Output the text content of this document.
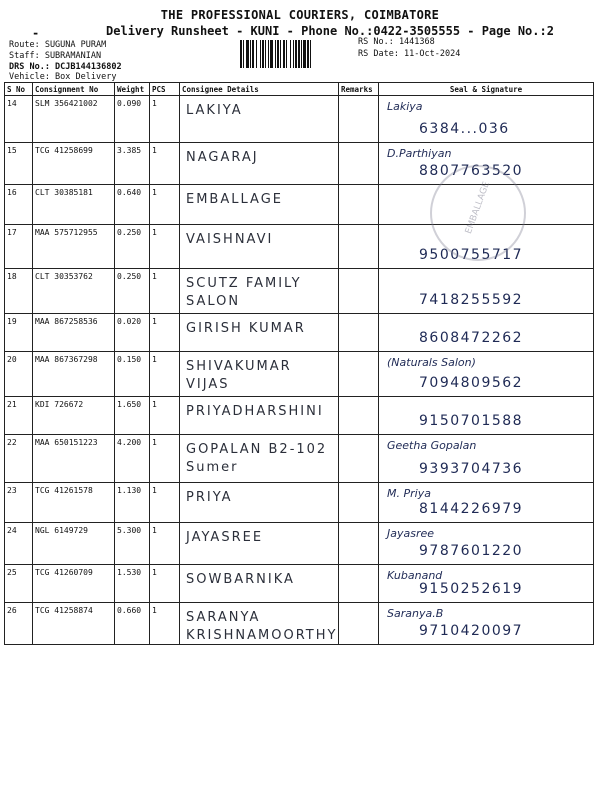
THE PROFESSIONAL COURIERS, COIMBATORE
-	Delivery Runsheet - KUNI - Phone No.:0422-3505555 - Page No.:2
Route: SUGUNA PURAM
Staff: SUBRAMANIAN
DRS No.: DCJB144136802
Vehicle: Box Delivery
RS No.: 1441368
RS Date: 11-Oct-2024
S No	Consignment No	Weight	PCS	Consignee Details	Remarks	Seal & Signature
14	SLM 356421002	0.090	1	LAKIYA		Lakiya
6384...036

15	TCG 41258699	3.385	1	NAGARAJ		D.Parthiyan
8807763520

16	CLT 30385181	0.640	1	EMBALLAGE		

17	MAA 575712955	0.250	1	VAISHNAVI		9500755717

18	CLT 30353762	0.250	1	SCUTZ FAMILY SALON		7418255592

19	MAA 867258536	0.020	1	GIRISH KUMAR		8608472262

20	MAA 867367298	0.150	1	SHIVAKUMAR VIJAS		(Naturals Salon)
7094809562

21	KDI 726672	1.650	1	PRIYADHARSHINI		9150701588

22	MAA 650151223	4.200	1	GOPALAN B2-102 Sumer		Geetha Gopalan
9393704736

23	TCG 41261578	1.130	1	PRIYA		M. Priya
8144226979

24	NGL 6149729	5.300	1	JAYASREE		Jayasree
9787601220

25	TCG 41260709	1.530	1	SOWBARNIKA		Kubanand
9150252619

26	TCG 41258874	0.660	1	SARANYA KRISHNAMOORTHY		Saranya.B
9710420097
EMBALLAGE
